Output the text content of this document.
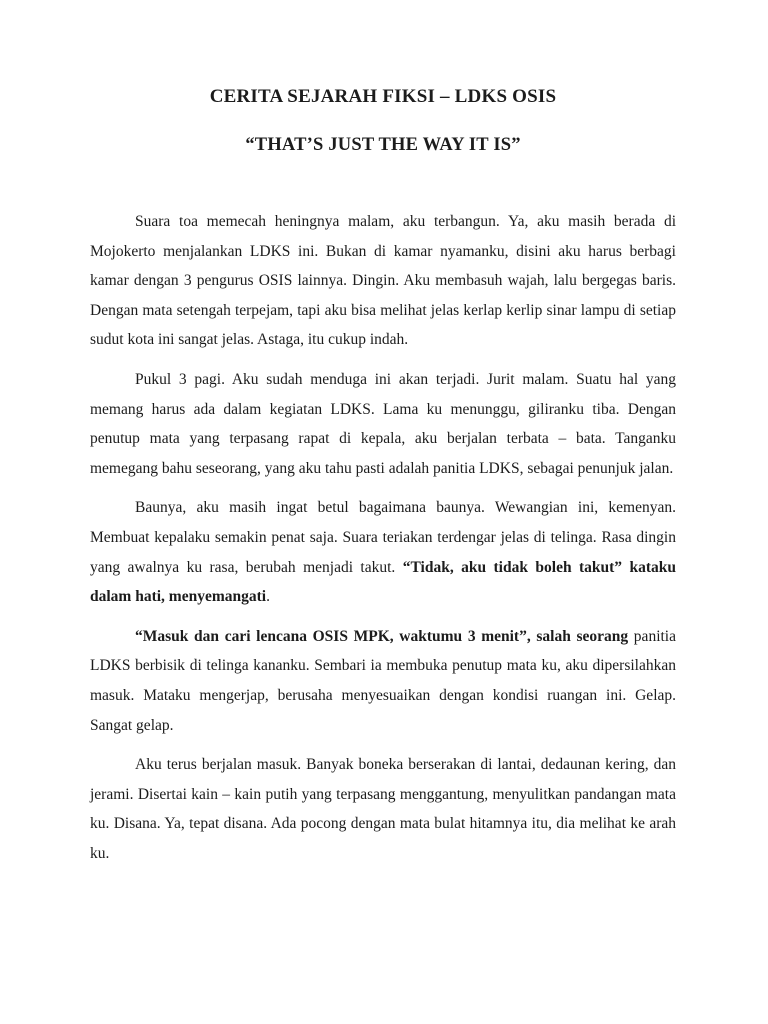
CERITA SEJARAH FIKSI – LDKS OSIS
“THAT’S JUST THE WAY IT IS”

Suara toa memecah heningnya malam, aku terbangun. Ya, aku masih berada di Mojokerto menjalankan LDKS ini. Bukan di kamar nyamanku, disini aku harus berbagi kamar dengan 3 pengurus OSIS lainnya. Dingin. Aku membasuh wajah, lalu bergegas baris. Dengan mata setengah terpejam, tapi aku bisa melihat jelas kerlap kerlip sinar lampu di setiap sudut kota ini sangat jelas. Astaga, itu cukup indah.

Pukul 3 pagi. Aku sudah menduga ini akan terjadi. Jurit malam. Suatu hal yang memang harus ada dalam kegiatan LDKS. Lama ku menunggu, giliranku tiba. Dengan penutup mata yang terpasang rapat di kepala, aku berjalan terbata – bata. Tanganku memegang bahu seseorang, yang aku tahu pasti adalah panitia LDKS, sebagai penunjuk jalan.

Baunya, aku masih ingat betul bagaimana baunya. Wewangian ini, kemenyan. Membuat kepalaku semakin penat saja. Suara teriakan terdengar jelas di telinga. Rasa dingin yang awalnya ku rasa, berubah menjadi takut. “Tidak, aku tidak boleh takut” kataku dalam hati, menyemangati.

“Masuk dan cari lencana OSIS MPK, waktumu 3 menit”, salah seorang panitia LDKS berbisik di telinga kananku. Sembari ia membuka penutup mata ku, aku dipersilahkan masuk. Mataku mengerjap, berusaha menyesuaikan dengan kondisi ruangan ini. Gelap. Sangat gelap.

Aku terus berjalan masuk. Banyak boneka berserakan di lantai, dedaunan kering, dan jerami. Disertai kain – kain putih yang terpasang menggantung, menyulitkan pandangan mata ku. Disana. Ya, tepat disana. Ada pocong dengan mata bulat hitamnya itu, dia melihat ke arah ku.
